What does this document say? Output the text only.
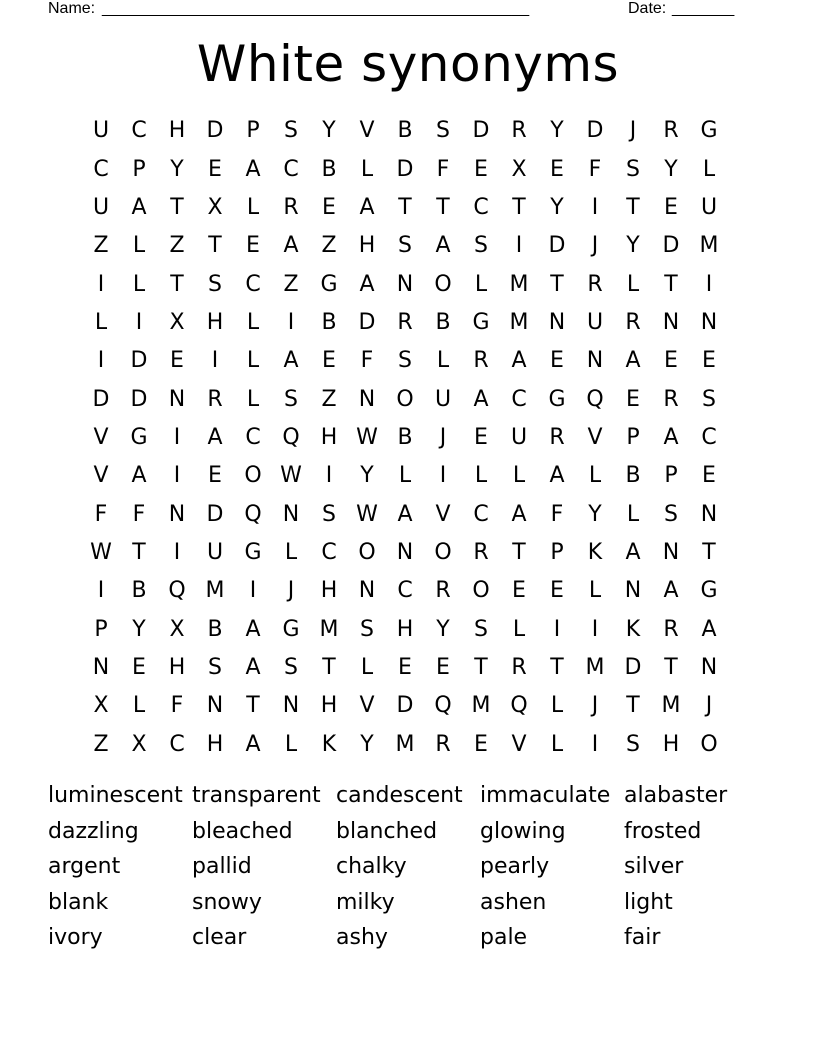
Name: ________________________________________________	Date: _______
White synonyms
U	C	H D	P	S	Y	V	B	S	D R	Y	D	J	R G
C	P	Y	E	A	C	B	L	D	F	E	X	E	F	S	Y	L
U	A	T	X	L	R	E	A	T	T	C	T	Y	I	T	E	U
Z	L	Z	T	E	A	Z	H	S	A	S	I	D	J	Y	D M
I	L	T	S	C	Z G A	N O	L	M T	R	L	T	I
L	I	X	H	L	I	B D R	B G M N U	R	N N
I	D	E	I	L	A	E	F	S	L	R	A	E	N	A	E	E
D D N	R	L	S	Z	N O U	A	C G Q	E	R	S
V G	I	A	C Q H W B	J	E	U	R	V	P	A	C
V	A	I	E	O W	I	Y	L	I	L	L	A	L	B	P	E
F	F	N D Q N	S W A	V	C	A	F	Y	L	S	N
W T	I	U G	L	C O N O R	T	P	K	A	N	T
I	B Q M	I	J	H N	C	R O	E	E	L	N	A G
P	Y	X	B	A G M S	H	Y	S	L	I	I	K	R	A
N	E	H	S	A	S	T	L	E	E	T	R	T M D	T	N
X	L	F	N	T	N H	V D Q M Q	L	J	T M	J
Z	X	C	H	A	L	K	Y M R	E	V	L	I	S	H O
luminescent transparent candescent immaculate alabaster
dazzling	bleached	blanched	glowing	frosted
argent	pallid	chalky	pearly	silver
blank	snowy	milky	ashen	light
ivory	clear	ashy	pale	fair
